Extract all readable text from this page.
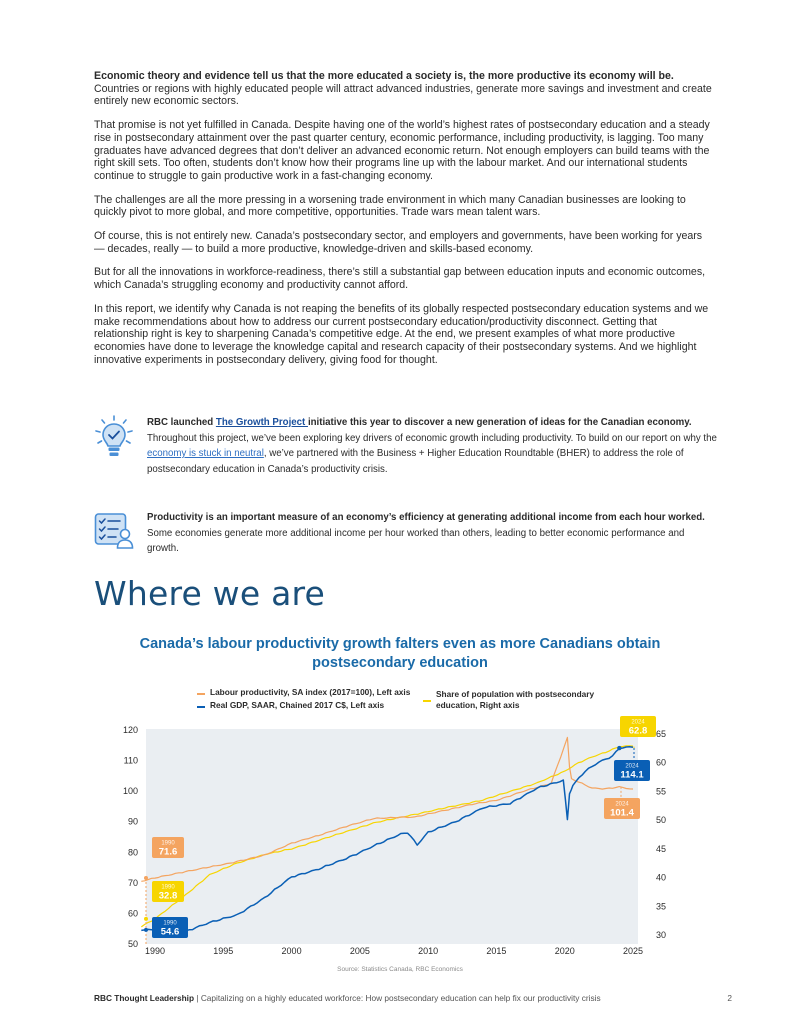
Economic theory and evidence tell us that the more educated a society is, the more productive its economy will be.
Countries or regions with highly educated people will attract advanced industries, generate more savings and investment and create entirely new economic sectors.

That promise is not yet fulfilled in Canada. Despite having one of the world’s highest rates of postsecondary education and a steady rise in postsecondary attainment over the past quarter century, economic performance, including productivity, is lagging. Too many graduates have advanced degrees that don’t deliver an advanced economic return. Not enough employers can build teams with the right skill sets. Too often, students don’t know how their programs line up with the labour market. And our international students continue to struggle to gain productive work in a fast-changing economy.

The challenges are all the more pressing in a worsening trade environment in which many Canadian businesses are looking to quickly pivot to more global, and more competitive, opportunities. Trade wars mean talent wars.

Of course, this is not entirely new. Canada’s postsecondary sector, and employers and governments, have been working for years — decades, really — to build a more productive, knowledge-driven and skills-based economy.

But for all the innovations in workforce-readiness, there’s still a substantial gap between education inputs and economic outcomes, which Canada’s struggling economy and productivity cannot afford.

In this report, we identify why Canada is not reaping the benefits of its globally respected postsecondary education systems and we make recommendations about how to address our current postsecondary education/productivity disconnect. Getting that relationship right is key to sharpening Canada’s competitive edge. At the end, we present examples of what more productive economies have done to leverage the knowledge capital and research capacity of their postsecondary systems. And we highlight innovative experiments in postsecondary delivery, giving food for thought.

RBC launched The Growth Project initiative this year to discover a new generation of ideas for the Canadian economy.
Throughout this project, we’ve been exploring key drivers of economic growth including productivity. To build on our report on why the economy is stuck in neutral, we’ve partnered with the Business + Higher Education Roundtable (BHER) to address the role of postsecondary education in Canada’s productivity crisis.
Productivity is an important measure of an economy’s efficiency at generating additional income from each hour worked.
Some economies generate more additional income per hour worked than others, leading to better economic performance and growth.
Where we are
Canada’s labour productivity growth falters even as more Canadians obtain postsecondary education
Labour productivity, SA index (2017=100), Left axis
Real GDP, SAAR, Chained 2017 C$, Left axis
Share of population with postsecondary education, Right axis
120
110
100
90
80
70
60
50
65
60
55
50
45
40
35
30
1990	1995	2000	2005	2010	2015	2020	2025
1990
71.6
1990
32.8
1990
54.6
2024
62.8
2024
114.1
2024
101.4
Source: Statistics Canada, RBC Economics
RBC Thought Leadership | Capitalizing on a highly educated workforce: How postsecondary education can help fix our productivity crisis	2
